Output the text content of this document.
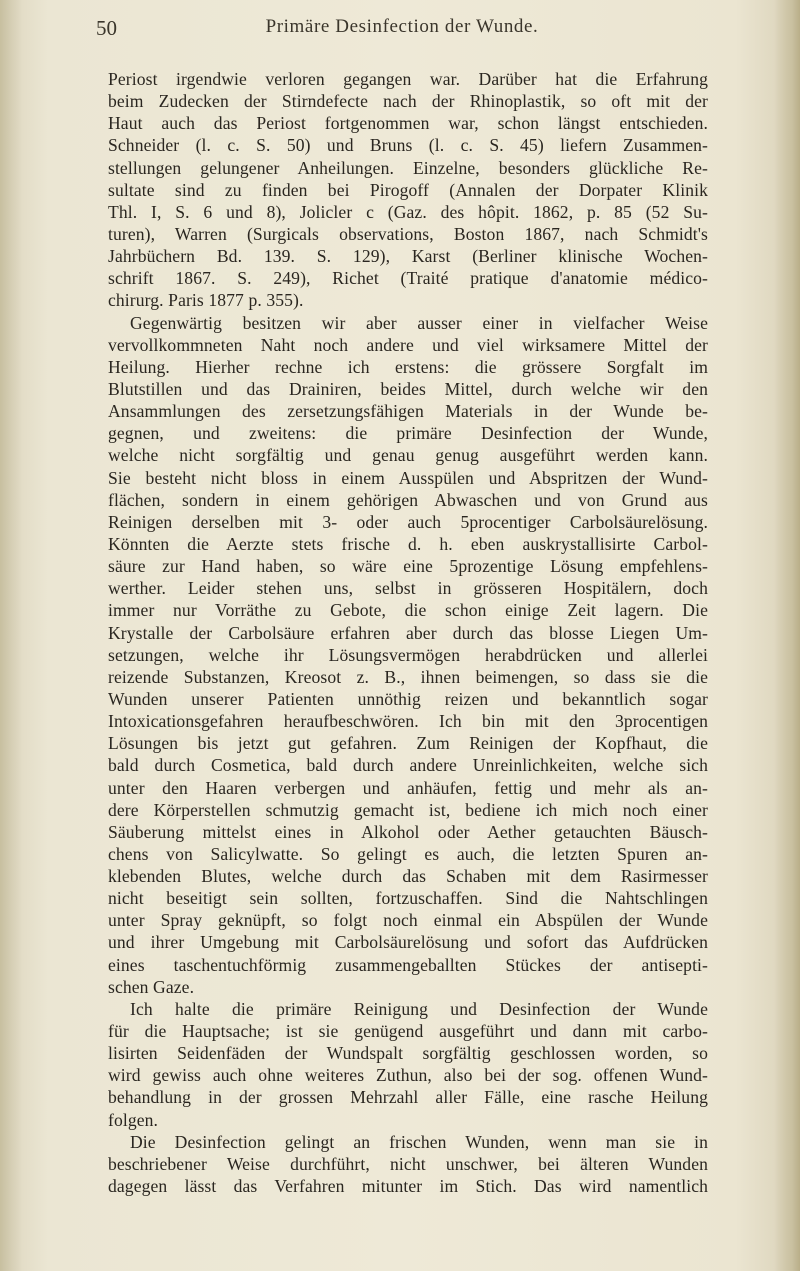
50	Primäre Desinfection der Wunde.
Periost irgendwie verloren gegangen war. Darüber hat die Erfahrung
beim Zudecken der Stirndefecte nach der Rhinoplastik, so oft mit der
Haut auch das Periost fortgenommen war, schon längst entschieden.
Schneider (l. c. S. 50) und Bruns (l. c. S. 45) liefern Zusammen-
stellungen gelungener Anheilungen. Einzelne, besonders glückliche Re-
sultate sind zu finden bei Pirogoff (Annalen der Dorpater Klinik
Thl. I, S. 6 und 8), Jolicler c (Gaz. des hôpit. 1862, p. 85 (52 Su-
turen), Warren (Surgicals observations, Boston 1867, nach Schmidt's
Jahrbüchern Bd. 139. S. 129), Karst (Berliner klinische Wochen-
schrift 1867. S. 249), Richet (Traité pratique d'anatomie médico-
chirurg. Paris 1877 p. 355).
Gegenwärtig besitzen wir aber ausser einer in vielfacher Weise
vervollkommneten Naht noch andere und viel wirksamere Mittel der
Heilung. Hierher rechne ich erstens: die grössere Sorgfalt im
Blutstillen und das Drainiren, beides Mittel, durch welche wir den
Ansammlungen des zersetzungsfähigen Materials in der Wunde be-
gegnen, und zweitens: die primäre Desinfection der Wunde,
welche nicht sorgfältig und genau genug ausgeführt werden kann.
Sie besteht nicht bloss in einem Ausspülen und Abspritzen der Wund-
flächen, sondern in einem gehörigen Abwaschen und von Grund aus
Reinigen derselben mit 3- oder auch 5procentiger Carbolsäurelösung.
Könnten die Aerzte stets frische d. h. eben auskrystallisirte Carbol-
säure zur Hand haben, so wäre eine 5prozentige Lösung empfehlens-
werther. Leider stehen uns, selbst in grösseren Hospitälern, doch
immer nur Vorräthe zu Gebote, die schon einige Zeit lagern. Die
Krystalle der Carbolsäure erfahren aber durch das blosse Liegen Um-
setzungen, welche ihr Lösungsvermögen herabdrücken und allerlei
reizende Substanzen, Kreosot z. B., ihnen beimengen, so dass sie die
Wunden unserer Patienten unnöthig reizen und bekanntlich sogar
Intoxicationsgefahren heraufbeschwören. Ich bin mit den 3procentigen
Lösungen bis jetzt gut gefahren. Zum Reinigen der Kopfhaut, die
bald durch Cosmetica, bald durch andere Unreinlichkeiten, welche sich
unter den Haaren verbergen und anhäufen, fettig und mehr als an-
dere Körperstellen schmutzig gemacht ist, bediene ich mich noch einer
Säuberung mittelst eines in Alkohol oder Aether getauchten Bäusch-
chens von Salicylwatte. So gelingt es auch, die letzten Spuren an-
klebenden Blutes, welche durch das Schaben mit dem Rasirmesser
nicht beseitigt sein sollten, fortzuschaffen. Sind die Nahtschlingen
unter Spray geknüpft, so folgt noch einmal ein Abspülen der Wunde
und ihrer Umgebung mit Carbolsäurelösung und sofort das Aufdrücken
eines taschentuchförmig zusammengeballten Stückes der antisepti-
schen Gaze.
Ich halte die primäre Reinigung und Desinfection der Wunde
für die Hauptsache; ist sie genügend ausgeführt und dann mit carbo-
lisirten Seidenfäden der Wundspalt sorgfältig geschlossen worden, so
wird gewiss auch ohne weiteres Zuthun, also bei der sog. offenen Wund-
behandlung in der grossen Mehrzahl aller Fälle, eine rasche Heilung
folgen.
Die Desinfection gelingt an frischen Wunden, wenn man sie in
beschriebener Weise durchführt, nicht unschwer, bei älteren Wunden
dagegen lässt das Verfahren mitunter im Stich. Das wird namentlich
